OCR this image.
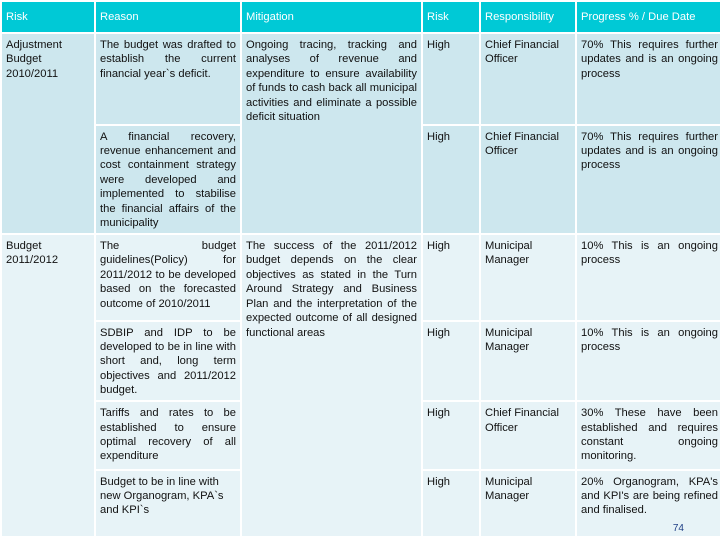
Risk	Reason	Mitigation	Risk	Responsibility	Progress % / Due Date
Adjustment Budget 2010/2011	The budget was drafted to establish the current financial year`s deficit.	Ongoing tracing, tracking and analyses of revenue and expenditure to ensure availability of funds to cash back all municipal activities and eliminate a possible deficit situation	High	Chief Financial Officer	70% This requires further updates and is an ongoing process
	A financial recovery, revenue enhancement and cost containment strategy were developed and implemented to stabilise the financial affairs of the municipality		High	Chief Financial Officer	70% This requires further updates and is an ongoing process
Budget 2011/2012	The budget guidelines(Policy) for 2011/2012 to be developed based on the forecasted outcome of 2010/2011	The success of the 2011/2012 budget depends on the clear objectives as stated in the Turn Around Strategy and Business Plan and the interpretation of the expected outcome of all designed functional areas	High	Municipal Manager	10% This is an ongoing process
	SDBIP and IDP to be developed to be in line with short and, long term objectives and 2011/2012 budget.		High	Municipal Manager	10% This is an ongoing process
	Tariffs and rates to be established to ensure optimal recovery of all expenditure		High	Chief Financial Officer	30% These have been established and requires constant ongoing monitoring.
	Budget to be in line with new Organogram, KPA`s and KPI`s		High	Municipal Manager	20% Organogram, KPA's and KPI's are being refined and finalised.
74
